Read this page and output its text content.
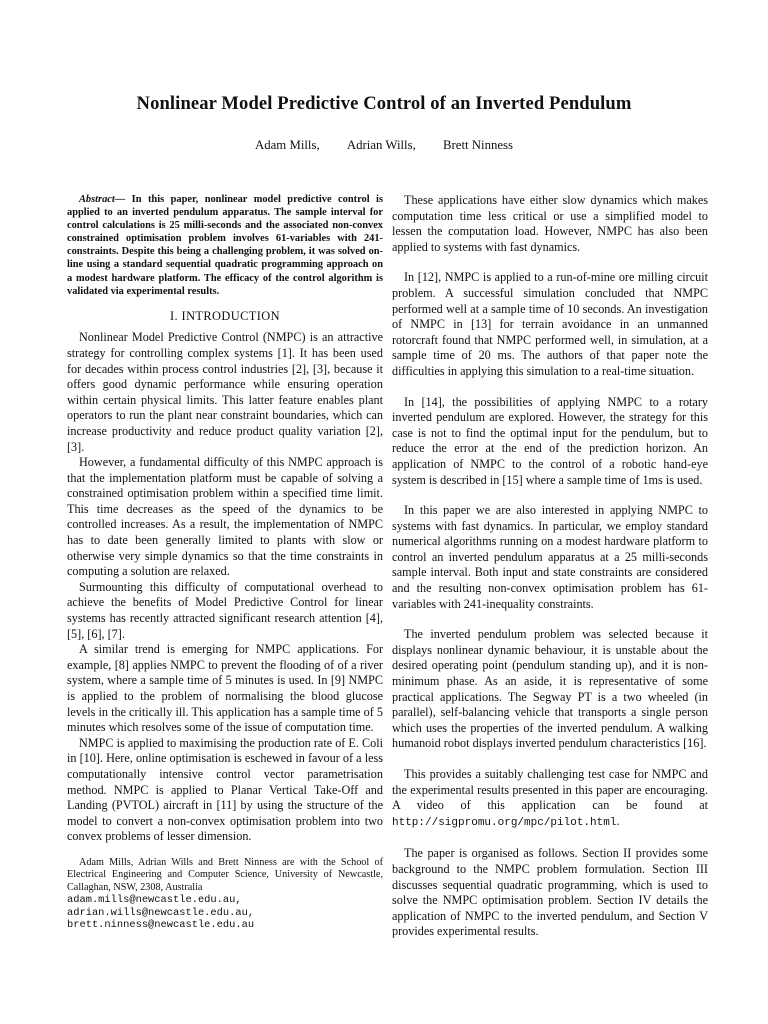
Nonlinear Model Predictive Control of an Inverted Pendulum
Adam Mills, Adrian Wills, Brett Ninness

Abstract— In this paper, nonlinear model predictive control is applied to an inverted pendulum apparatus. The sample interval for control calculations is 25 milli-seconds and the associated non-convex constrained optimisation problem involves 61-variables with 241-constraints. Despite this being a challenging problem, it was solved on-line using a standard sequential quadratic programming approach on a modest hardware platform. The efficacy of the control algorithm is validated via experimental results.

I. INTRODUCTION

Nonlinear Model Predictive Control (NMPC) is an attractive strategy for controlling complex systems [1]. It has been used for decades within process control industries [2], [3], because it offers good dynamic performance while ensuring operation within certain physical limits. This latter feature enables plant operators to run the plant near constraint boundaries, which can increase productivity and reduce product quality variation [2], [3].

However, a fundamental difficulty of this NMPC approach is that the implementation platform must be capable of solving a constrained optimisation problem within a specified time limit. This time decreases as the speed of the dynamics to be controlled increases. As a result, the implementation of NMPC has to date been generally limited to plants with slow or otherwise very simple dynamics so that the time constraints in computing a solution are relaxed.

Surmounting this difficulty of computational overhead to achieve the benefits of Model Predictive Control for linear systems has recently attracted significant research attention [4], [5], [6], [7].

A similar trend is emerging for NMPC applications. For example, [8] applies NMPC to prevent the flooding of of a river system, where a sample time of 5 minutes is used. In [9] NMPC is applied to the problem of normalising the blood glucose levels in the critically ill. This application has a sample time of 5 minutes which resolves some of the issue of computation time.

NMPC is applied to maximising the production rate of E. Coli in [10]. Here, online optimisation is eschewed in favour of a less computationally intensive control vector parametrisation method. NMPC is applied to Planar Vertical Take-Off and Landing (PVTOL) aircraft in [11] by using the structure of the model to convert a non-convex optimisation problem into two convex problems of lesser dimension.

Adam Mills, Adrian Wills and Brett Ninness are with the School of Electrical Engineering and Computer Science, University of Newcastle, Callaghan, NSW, 2308, Australia
adam.mills@newcastle.edu.au,
adrian.wills@newcastle.edu.au,
brett.ninness@newcastle.edu.au

These applications have either slow dynamics which makes computation time less critical or use a simplified model to lessen the computation load. However, NMPC has also been applied to systems with fast dynamics.

In [12], NMPC is applied to a run-of-mine ore milling circuit problem. A successful simulation concluded that NMPC performed well at a sample time of 10 seconds. An investigation of NMPC in [13] for terrain avoidance in an unmanned rotorcraft found that NMPC performed well, in simulation, at a sample time of 20 ms. The authors of that paper note the difficulties in applying this simulation to a real-time situation.

In [14], the possibilities of applying NMPC to a rotary inverted pendulum are explored. However, the strategy for this case is not to find the optimal input for the pendulum, but to reduce the error at the end of the prediction horizon. An application of NMPC to the control of a robotic hand-eye system is described in [15] where a sample time of 1ms is used.

In this paper we are also interested in applying NMPC to systems with fast dynamics. In particular, we employ standard numerical algorithms running on a modest hardware platform to control an inverted pendulum apparatus at a 25 milli-seconds sample interval. Both input and state constraints are considered and the resulting non-convex optimisation problem has 61-variables with 241-inequality constraints.

The inverted pendulum problem was selected because it displays nonlinear dynamic behaviour, it is unstable about the desired operating point (pendulum standing up), and it is non-minimum phase. As an aside, it is representative of some practical applications. The Segway PT is a two wheeled (in parallel), self-balancing vehicle that transports a single person which uses the properties of the inverted pendulum. A walking humanoid robot displays inverted pendulum characteristics [16].

This provides a suitably challenging test case for NMPC and the experimental results presented in this paper are encouraging. A video of this application can be found at http://sigpromu.org/mpc/pilot.html.

The paper is organised as follows. Section II provides some background to the NMPC problem formulation. Section III discusses sequential quadratic programming, which is used to solve the NMPC optimisation problem. Section IV details the application of NMPC to the inverted pendulum, and Section V provides experimental results.
